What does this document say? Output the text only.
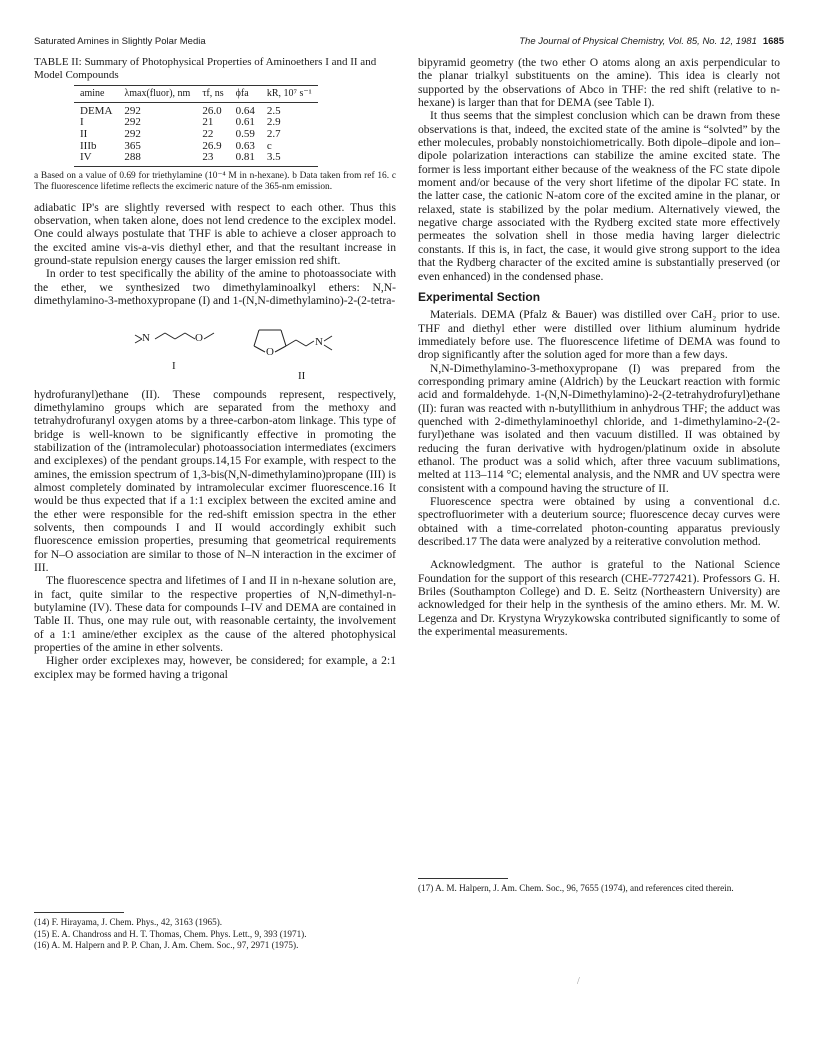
Saturated Amines in Slightly Polar Media	The Journal of Physical Chemistry, Vol. 85, No. 12, 1981 1685
TABLE II: Summary of Photophysical Properties of Aminoethers I and II and Model Compounds
amine	λmax(fluor), nm	τf, ns	ϕfa	kR, 10⁷ s⁻¹
DEMA	292	26.0	0.64	2.5
I	292	21	0.61	2.9
II	292	22	0.59	2.7
IIIb	365	26.9	0.63	c
IV	288	23	0.81	3.5
a Based on a value of 0.69 for triethylamine (10⁻⁴ M in n-hexane). b Data taken from ref 16. c The fluorescence lifetime reflects the excimeric nature of the 365-nm emission.

adiabatic IP's are slightly reversed with respect to each other. Thus this observation, when taken alone, does not lend credence to the exciplex model. One could always postulate that THF is able to achieve a closer approach to the excited amine vis-a-vis diethyl ether, and that the resultant increase in ground-state repulsion energy causes the larger emission red shift.

In order to test specifically the ability of the amine to photoassociate with the ether, we synthesized two dimethylaminoalkyl ethers: N,N-dimethylamino-3-methoxypropane (I) and 1-(N,N-dimethylamino)-2-(2-tetra-

N	O
O
N
I
II

hydrofuranyl)ethane (II). These compounds represent, respectively, dimethylamino groups which are separated from the methoxy and tetrahydrofuranyl oxygen atoms by a three-carbon-atom linkage. This type of bridge is well-known to be significantly effective in promoting the stabilization of the (intramolecular) photoassociation intermediates (excimers and exciplexes) of the pendant groups.14,15 For example, with respect to the amines, the emission spectrum of 1,3-bis(N,N-dimethylamino)propane (III) is almost completely dominated by intramolecular excimer fluorescence.16 It would be thus expected that if a 1:1 exciplex between the excited amine and the ether were responsible for the red-shift emission spectra in the ether solvents, then compounds I and II would accordingly exhibit such fluorescence emission properties, presuming that geometrical requirements for N–O association are similar to those of N–N interaction in the excimer of III.

The fluorescence spectra and lifetimes of I and II in n-hexane solution are, in fact, quite similar to the respective properties of N,N-dimethyl-n-butylamine (IV). These data for compounds I–IV and DEMA are contained in Table II. Thus, one may rule out, with reasonable certainty, the involvement of a 1:1 amine/ether exciplex as the cause of the altered photophysical properties of the amine in ether solvents.

Higher order exciplexes may, however, be considered; for example, a 2:1 exciplex may be formed having a trigonal

(14) F. Hirayama, J. Chem. Phys., 42, 3163 (1965).

(15) E. A. Chandross and H. T. Thomas, Chem. Phys. Lett., 9, 393 (1971).

(16) A. M. Halpern and P. P. Chan, J. Am. Chem. Soc., 97, 2971 (1975).

bipyramid geometry (the two ether O atoms along an axis perpendicular to the planar trialkyl substituents on the amine). This idea is clearly not supported by the observations of Abco in THF: the red shift (relative to n-hexane) is larger than that for DEMA (see Table I).

It thus seems that the simplest conclusion which can be drawn from these observations is that, indeed, the excited state of the amine is “solvted” by the ether molecules, probably nonstoichiometrically. Both dipole–dipole and ion–dipole polarization interactions can stabilize the amine excited state. The former is less important either because of the weakness of the FC state dipole moment and/or because of the very short lifetime of the dipolar FC state. In the latter case, the cationic N-atom core of the excited amine in the planar, or relaxed, state is stabilized by the polar medium. Alternatively viewed, the negative charge associated with the Rydberg excited state more effectively permeates the solvation shell in those media having larger dielectric constants. If this is, in fact, the case, it would give strong support to the idea that the Rydberg character of the excited amine is substantially preserved (or even enhanced) in the condensed phase.

Experimental Section

Materials. DEMA (Pfalz & Bauer) was distilled over CaH₂ prior to use. THF and diethyl ether were distilled over lithium aluminum hydride immediately before use. The fluorescence lifetime of DEMA was found to drop significantly after the solution aged for more than a few days.

N,N-Dimethylamino-3-methoxypropane (I) was prepared from the corresponding primary amine (Aldrich) by the Leuckart reaction with formic acid and formaldehyde. 1-(N,N-Dimethylamino)-2-(2-tetrahydrofuryl)ethane (II): furan was reacted with n-butyllithium in anhydrous THF; the adduct was quenched with 2-dimethylaminoethyl chloride, and 1-dimethylamino-2-(2-furyl)ethane was isolated and then vacuum distilled. II was obtained by reducing the furan derivative with hydrogen/platinum oxide in absolute ethanol. The product was a solid which, after three vacuum sublimations, melted at 113–114 °C; elemental analysis, and the NMR and UV spectra were consistent with a compound having the structure of II.

Fluorescence spectra were obtained by using a conventional d.c. spectrofluorimeter with a deuterium source; fluorescence decay curves were obtained with a time-correlated photon-counting apparatus previously described.17 The data were analyzed by a reiterative convolution method.

Acknowledgment. The author is grateful to the National Science Foundation for the support of this research (CHE-7727421). Professors G. H. Briles (Southampton College) and D. E. Seitz (Northeastern University) are acknowledged for their help in the synthesis of the amino ethers. Mr. M. W. Legenza and Dr. Krystyna Wryzykowska contributed significantly to some of the experimental measurements.

(17) A. M. Halpern, J. Am. Chem. Soc., 96, 7655 (1974), and references cited therein.

/
